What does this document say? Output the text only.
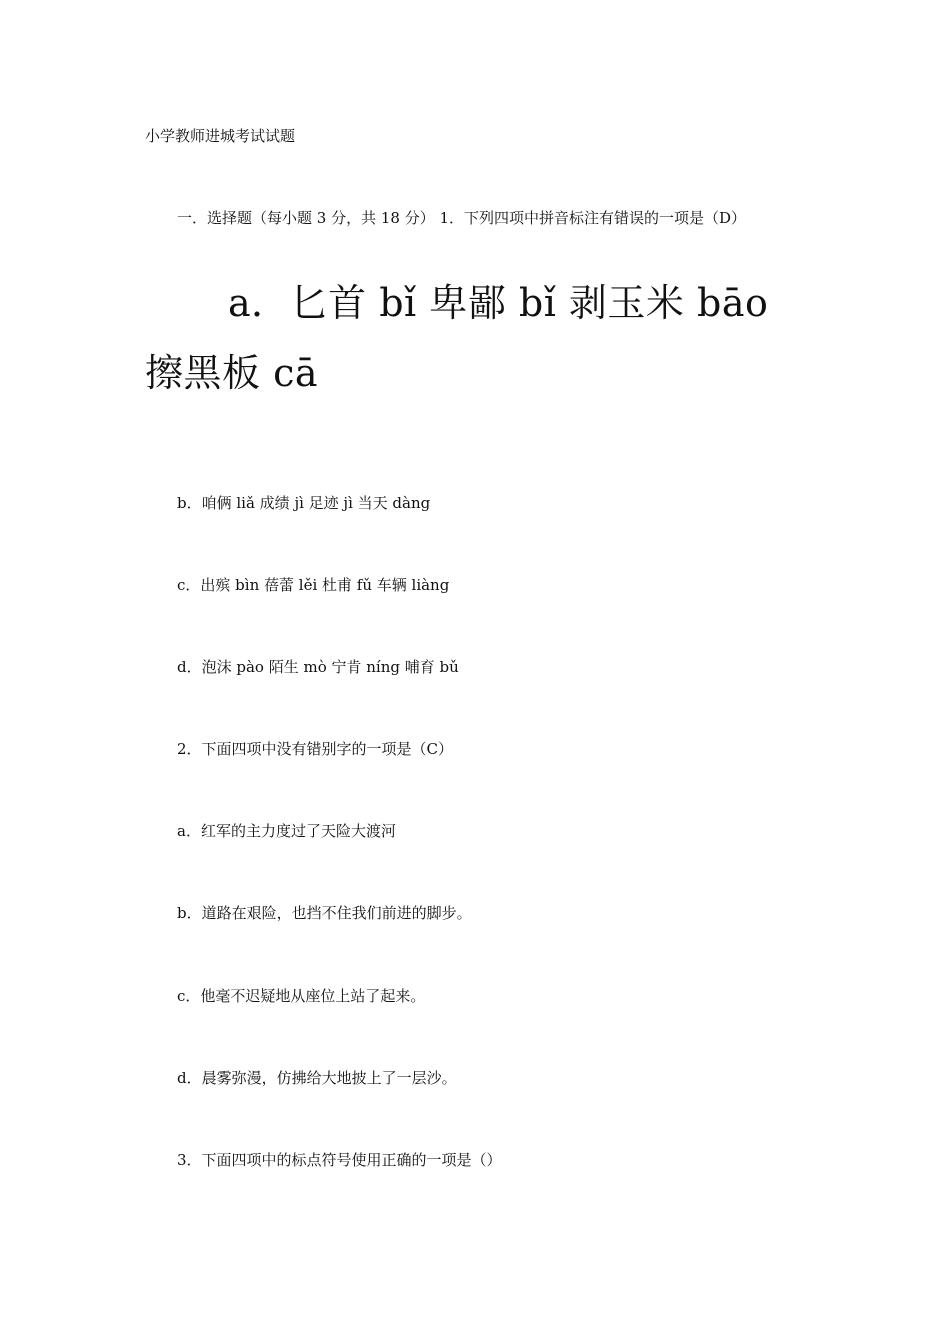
小学教师进城考试试题

一．选择题（每小题 3 分，共 18 分） 1．下列四项中拼音标注有错误的一项是（D）

a．匕首 bǐ 卑鄙 bǐ 剥玉米 bāo

擦黑板 cā

b．咱俩 liǎ 成绩 jì 足迹 jì 当天 dàng

c．出殡 bìn 蓓蕾 lěi 杜甫 fǔ 车辆 liàng

d．泡沫 pào 陌生 mò 宁肯 níng 哺育 bǔ

2．下面四项中没有错别字的一项是（C）

a．红军的主力度过了天险大渡河

b．道路在艰险，也挡不住我们前进的脚步。

c．他毫不迟疑地从座位上站了起来。

d．晨雾弥漫，仿拂给大地披上了一层沙。

3．下面四项中的标点符号使用正确的一项是（）
